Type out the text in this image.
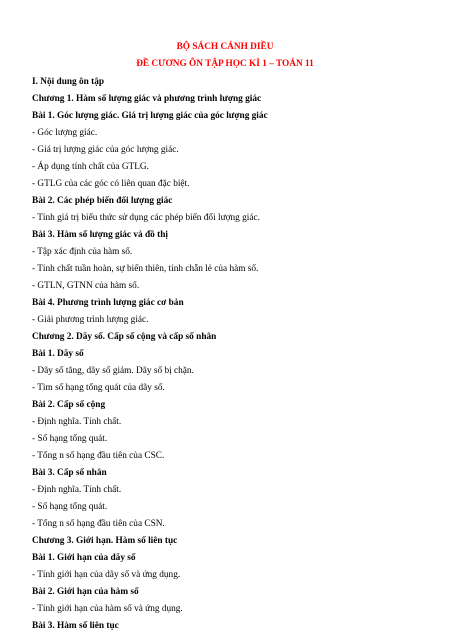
BỘ SÁCH CÁNH DIỀU
ĐỀ CƯƠNG ÔN TẬP HỌC KÌ 1 – TOÁN 11
I. Nội dung ôn tập
Chương 1. Hàm số lượng giác và phương trình lượng giác
Bài 1. Góc lượng giác. Giá trị lượng giác của góc lượng giác
- Góc lượng giác.
- Giá trị lượng giác của góc lượng giác.
- Áp dụng tính chất của GTLG.
- GTLG của các góc có liên quan đặc biệt.
Bài 2. Các phép biến đổi lượng giác
- Tính giá trị biểu thức sử dụng các phép biến đổi lượng giác.
Bài 3. Hàm số lượng giác và đồ thị
- Tập xác định của hàm số.
- Tính chất tuần hoàn, sự biến thiên, tính chẵn lẻ của hàm số.
- GTLN, GTNN của hàm số.
Bài 4. Phương trình lượng giác cơ bản
- Giải phương trình lượng giác.
Chương 2. Dãy số. Cấp số cộng và cấp số nhân
Bài 1. Dãy số
- Dãy số tăng, dãy số giảm. Dãy số bị chặn.
- Tìm số hạng tổng quát của dãy số.
Bài 2. Cấp số cộng
- Định nghĩa. Tính chất.
- Số hạng tổng quát.
- Tổng n số hạng đầu tiên của CSC.
Bài 3. Cấp số nhân
- Định nghĩa. Tính chất.
- Số hạng tổng quát.
- Tổng n số hạng đầu tiên của CSN.
Chương 3. Giới hạn. Hàm số liên tục
Bài 1. Giới hạn của dãy số
- Tính giới hạn của dãy số và ứng dụng.
Bài 2. Giới hạn của hàm số
- Tính giới hạn của hàm số và ứng dụng.
Bài 3. Hàm số liên tục
